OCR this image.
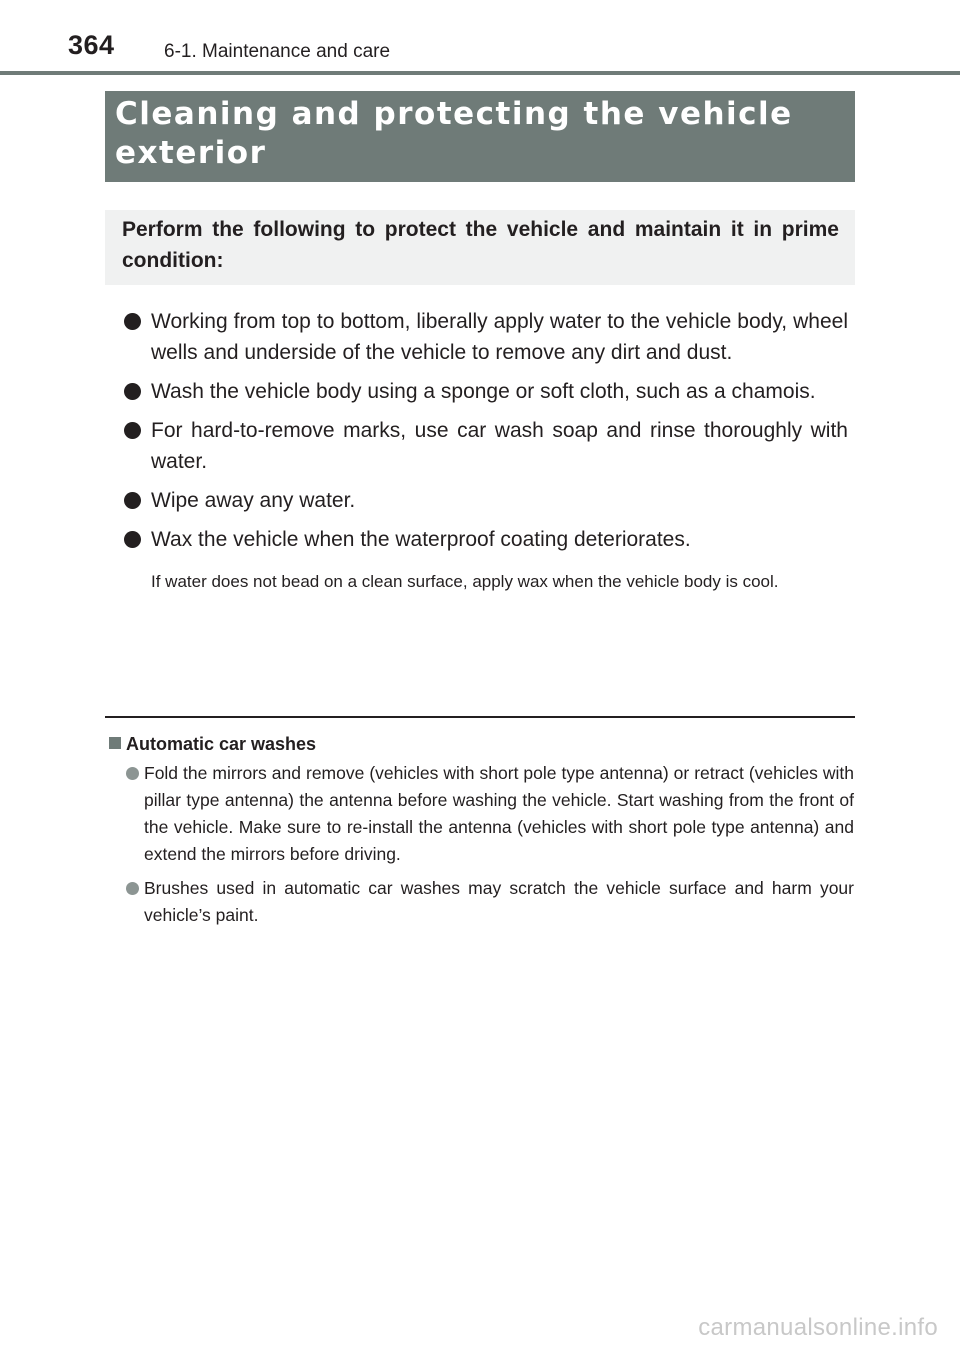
364	6-1. Maintenance and care
Cleaning and protecting the vehicle exterior
Perform the following to protect the vehicle and maintain it in prime condition:
Working from top to bottom, liberally apply water to the vehicle body, wheel wells and underside of the vehicle to remove any dirt and dust.
Wash the vehicle body using a sponge or soft cloth, such as a chamois.
For hard-to-remove marks, use car wash soap and rinse thoroughly with water.
Wipe away any water.
Wax the vehicle when the waterproof coating deteriorates.
If water does not bead on a clean surface, apply wax when the vehicle body is cool.
Automatic car washes
Fold the mirrors and remove (vehicles with short pole type antenna) or retract (vehicles with pillar type antenna) the antenna before washing the vehicle. Start washing from the front of the vehicle. Make sure to re-install the antenna (vehicles with short pole type antenna) and extend the mirrors before driving.
Brushes used in automatic car washes may scratch the vehicle surface and harm your vehicle’s paint.
carmanualsonline.info
